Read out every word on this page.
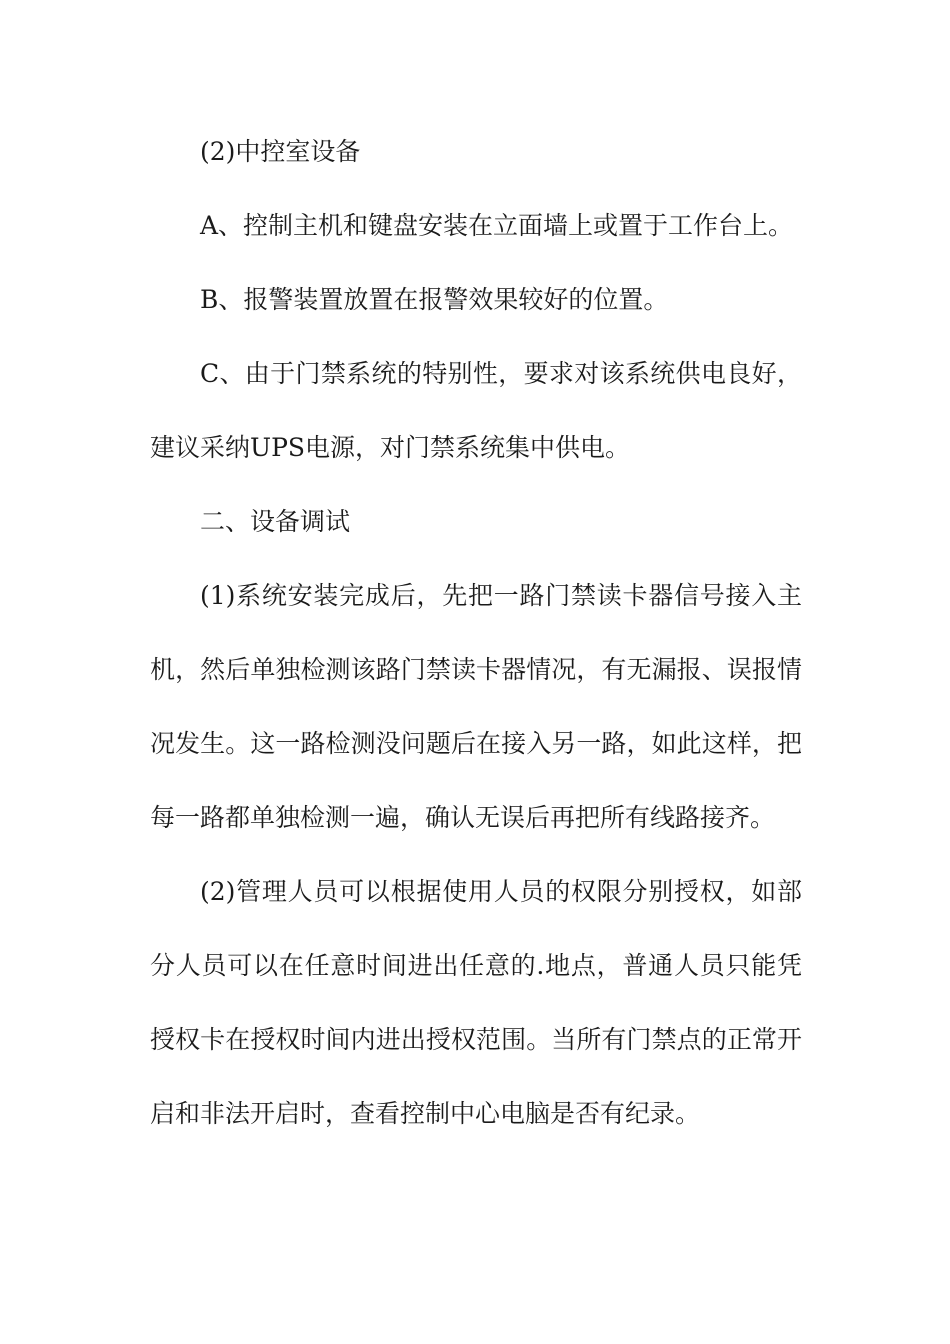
(2)中控室设备

A、控制主机和键盘安装在立面墙上或置于工作台上。

B、报警装置放置在报警效果较好的位置。

C、由于门禁系统的特别性，要求对该系统供电良好，建议采纳UPS电源，对门禁系统集中供电。

二、设备调试

(1)系统安装完成后，先把一路门禁读卡器信号接入主机，然后单独检测该路门禁读卡器情况，有无漏报、误报情况发生。这一路检测没问题后在接入另一路，如此这样，把每一路都单独检测一遍，确认无误后再把所有线路接齐。

(2)管理人员可以根据使用人员的权限分别授权，如部分人员可以在任意时间进出任意的.地点，普通人员只能凭授权卡在授权时间内进出授权范围。当所有门禁点的正常开启和非法开启时，查看控制中心电脑是否有纪录。
